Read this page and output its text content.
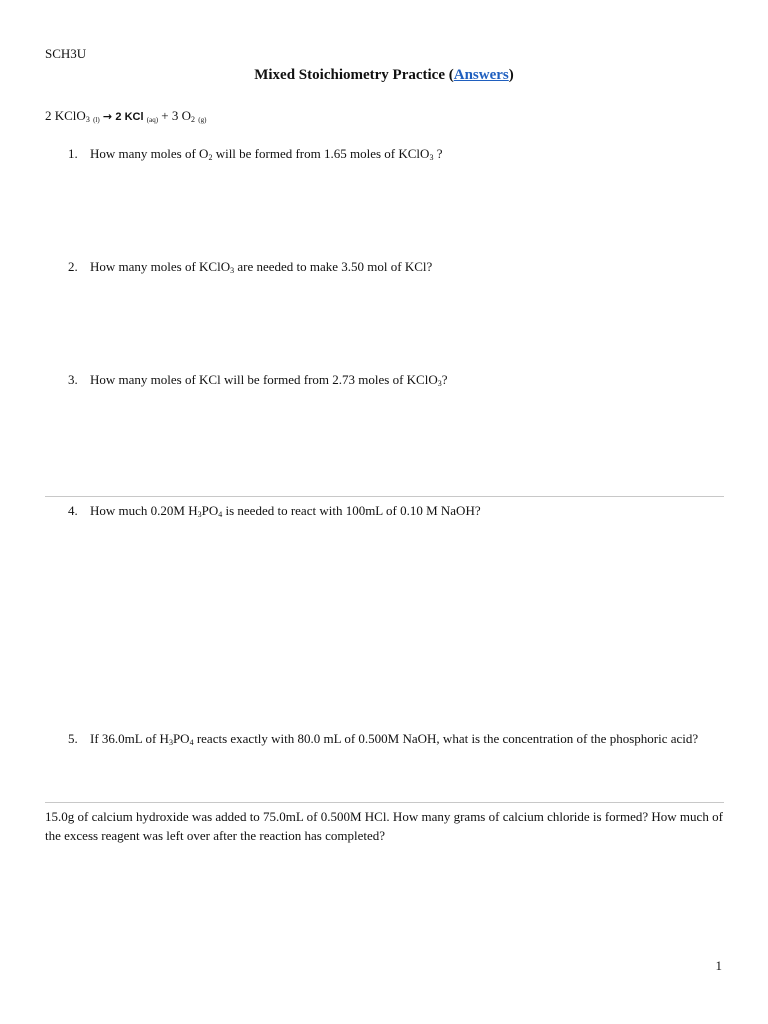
SCH3U
Mixed Stoichiometry Practice (Answers)
2 KClO$_3$ (l) → 2 KCl (aq) + 3 $O_2$ (g)
1. How many moles of $O_2$ will be formed from 1.65 moles of KClO$_3$ ?
2. How many moles of KClO$_3$ are needed to make 3.50 mol of KCl?
3. How many moles of KCl will be formed from 2.73 moles of KClO$_3$?
4. How much 0.20M $H_3PO_4$ is needed to react with 100mL of 0.10 M NaOH?
5. If 36.0mL of $H_3PO_4$ reacts exactly with 80.0 mL of 0.500M NaOH, what is the concentration of the phosphoric acid?
15.0g of calcium hydroxide was added to 75.0mL of 0.500M HCl. How many grams of calcium chloride is formed? How much of the excess reagent was left over after the reaction has completed?
1
